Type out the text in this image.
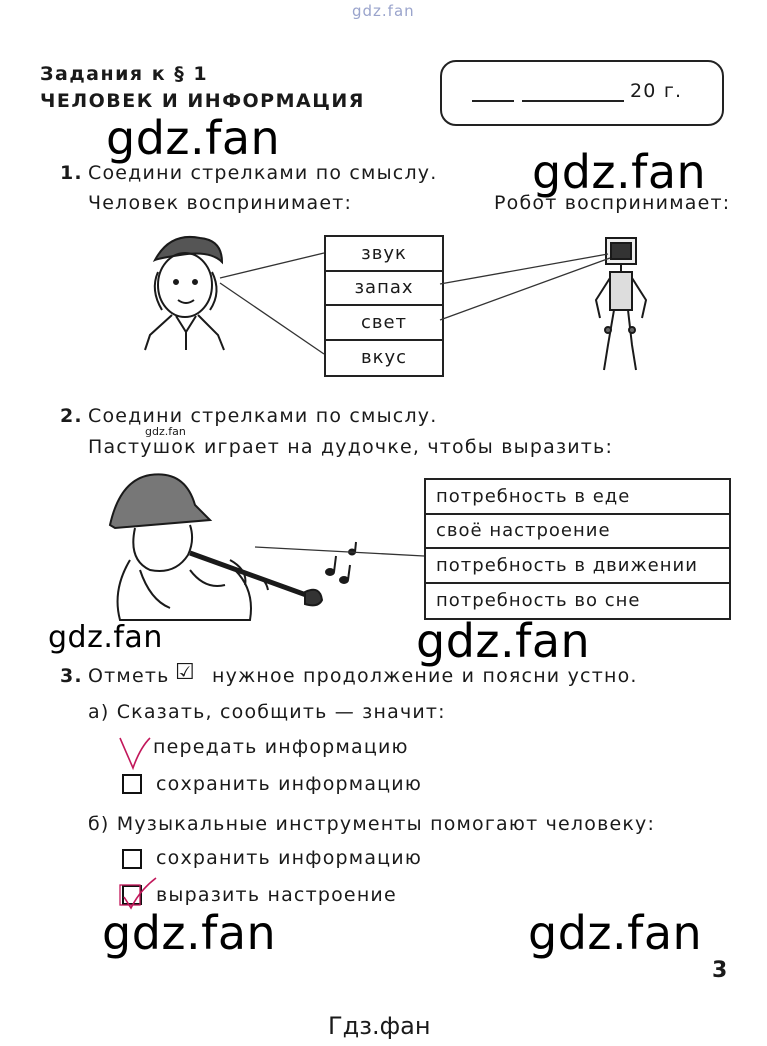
gdz.fan
Задания к § 1
ЧЕЛОВЕК И ИНФОРМАЦИЯ	20 г.
gdz.fan
gdz.fan
gdz.fan	gdz.fan
gdz.fan	gdz.fan
1. Соедини стрелками по смыслу.
Человек воспринимает:	Робот воспринимает:
звук
запах
свет
вкус
2. Соедини стрелками по смыслу.
gdz.fan
Пастушок играет на дудочке, чтобы выразить:
потребность в еде
своё настроение
потребность в движении
потребность во сне
3. Отметь ☑ нужное продолжение и поясни устно.
а) Сказать, сообщить — значит:
передать информацию
сохранить информацию
б) Музыкальные инструменты помогают человеку:
сохранить информацию
выразить настроение
3
Гдз.фан
